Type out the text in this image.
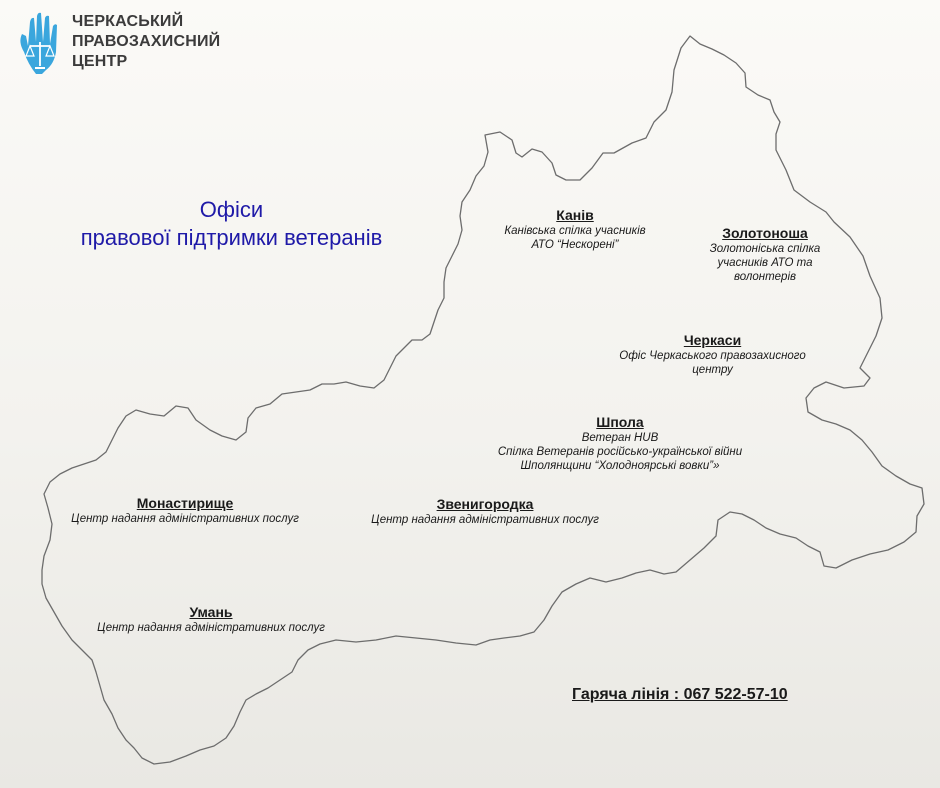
ЧЕРКАСЬКИЙ
ПРАВОЗАХИСНИЙ
ЦЕНТР
Офіси
правової підтримки ветеранів
Канів
Канівська спілка учасників
АТО “Нескорені”
Золотоноша
Золотоніська спілка
учасників АТО та
волонтерів
Черкаси
Офіс Черкаського правозахисного
центру
Шпола
Ветеран HUB
Спілка Ветеранів російсько-української війни
Шполянщини “Холодноярські вовки”»
Монастирище
Центр надання адміністративних послуг
Звенигородка
Центр надання адміністративних послуг
Умань
Центр надання адміністративних послуг
Гаряча лінія : 067 522-57-10
